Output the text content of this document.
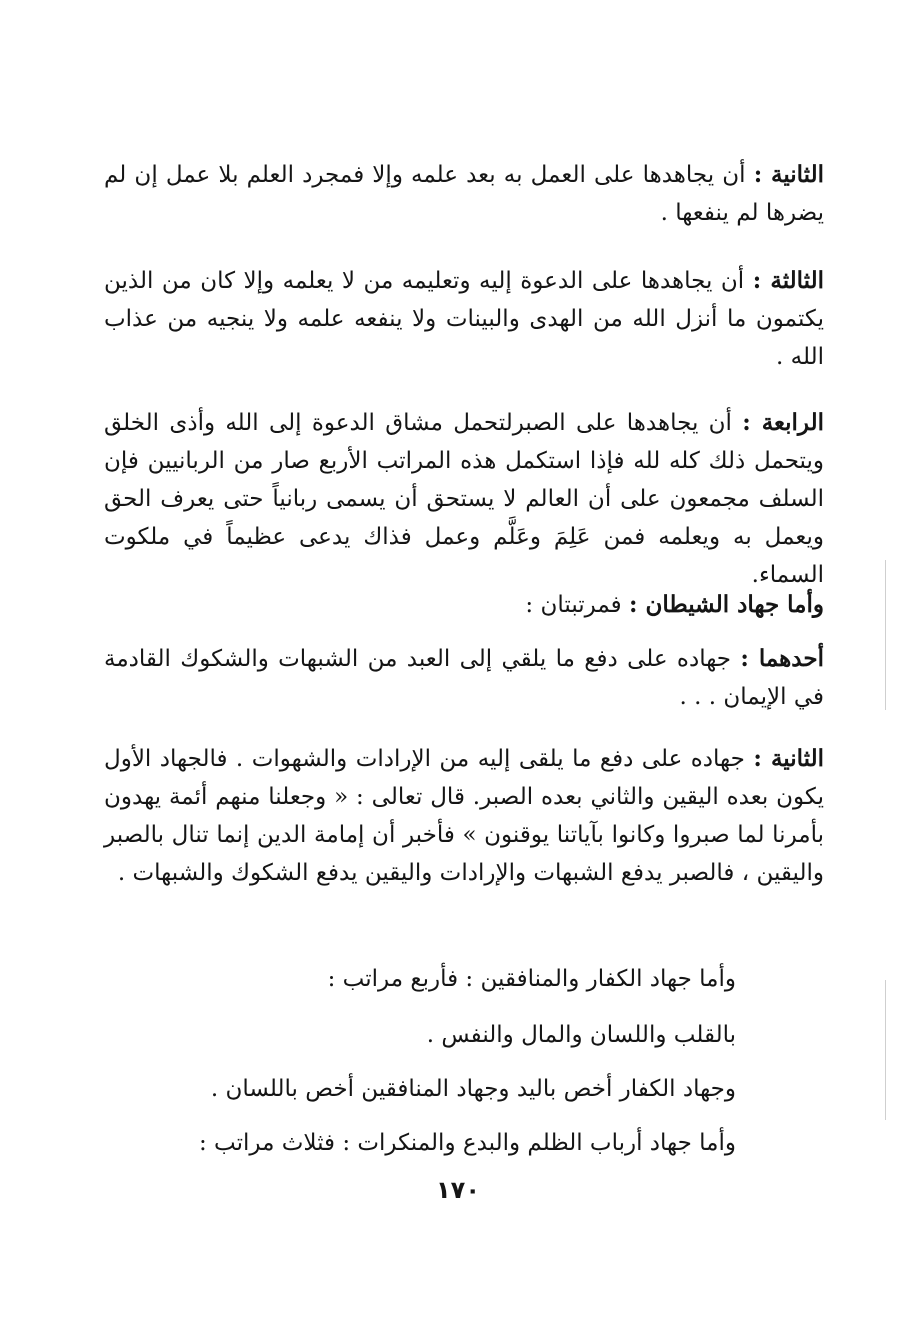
الثانية : أن يجاهدها على العمل به بعد علمه وإلا فمجرد العلم بلا عمل إن لم يضرها لم ينفعها .

الثالثة : أن يجاهدها على الدعوة إليه وتعليمه من لا يعلمه وإلا كان من الذين يكتمون ما أنزل الله من الهدى والبينات ولا ينفعه علمه ولا ينجيه من عذاب الله .

الرابعة : أن يجاهدها على الصبرلتحمل مشاق الدعوة إلى الله وأذى الخلق ويتحمل ذلك كله لله فإذا استكمل هذه المراتب الأربع صار من الربانيين فإن السلف مجمعون على أن العالم لا يستحق أن يسمى ربانياً حتى يعرف الحق ويعمل به ويعلمه فمن عَلِمَ وعَلَّم وعمل فذاك يدعى عظيماً في ملكوت السماء.

وأما جهاد الشيطان : فمرتبتان :

أحدهما : جهاده على دفع ما يلقي إلى العبد من الشبهات والشكوك القادمة في الإيمان . . .

الثانية : جهاده على دفع ما يلقى إليه من الإرادات والشهوات . فالجهاد الأول يكون بعده اليقين والثاني بعده الصبر. قال تعالى : « وجعلنا منهم أئمة يهدون بأمرنا لما صبروا وكانوا بآياتنا يوقنون » فأخبر أن إمامة الدين إنما تنال بالصبر واليقين ، فالصبر يدفع الشبهات والإرادات واليقين يدفع الشكوك والشبهات .

وأما جهاد الكفار والمنافقين : فأربع مراتب :

بالقلب واللسان والمال والنفس .

وجهاد الكفار أخص باليد وجهاد المنافقين أخص باللسان .

وأما جهاد أرباب الظلم والبدع والمنكرات : فثلاث مراتب :

١٧٠
